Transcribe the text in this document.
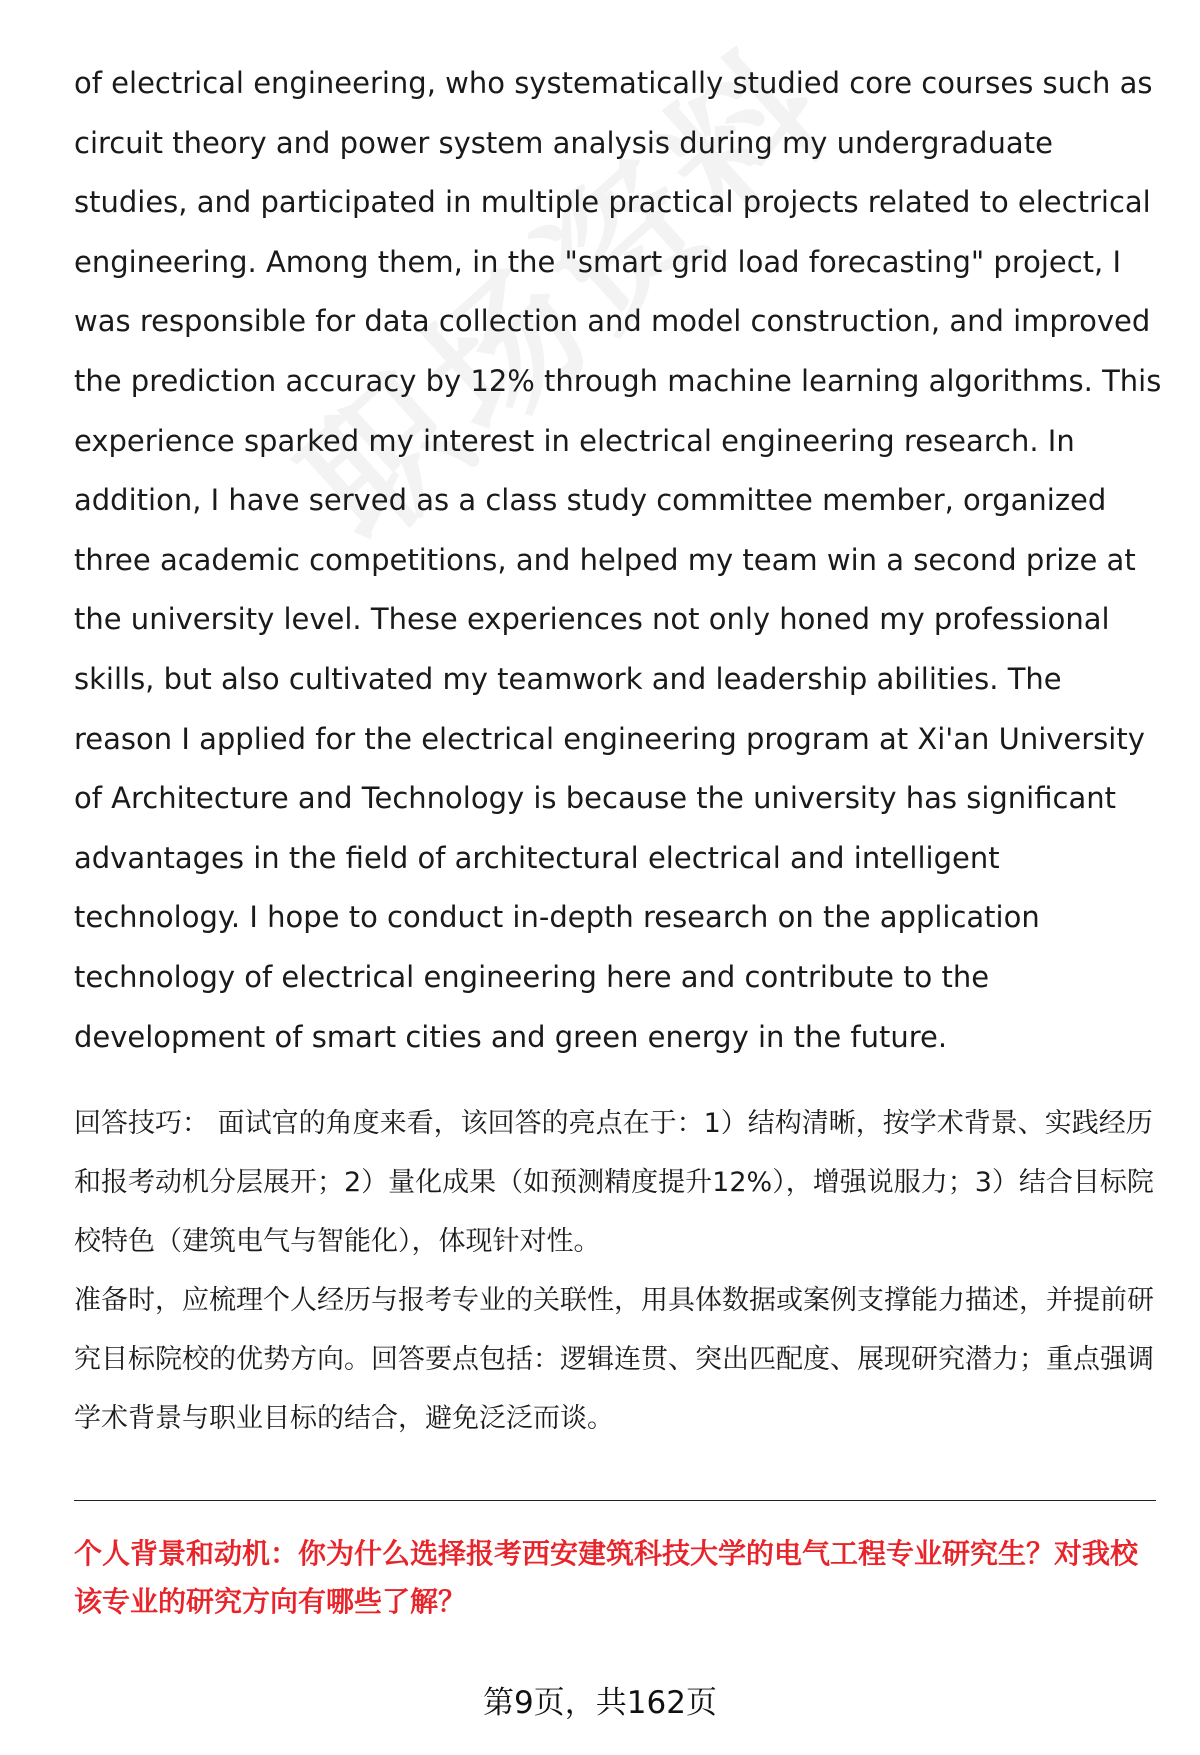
of electrical engineering, who systematically studied core courses such as circuit theory and power system analysis during my undergraduate studies, and participated in multiple practical projects related to electrical engineering. Among them, in the "smart grid load forecasting" project, I was responsible for data collection and model construction, and improved the prediction accuracy by 12% through machine learning algorithms. This experience sparked my interest in electrical engineering research. In addition, I have served as a class study committee member, organized three academic competitions, and helped my team win a second prize at the university level. These experiences not only honed my professional skills, but also cultivated my teamwork and leadership abilities. The reason I applied for the electrical engineering program at Xi'an University of Architecture and Technology is because the university has significant advantages in the field of architectural electrical and intelligent technology. I hope to conduct in-depth research on the application technology of electrical engineering here and contribute to the development of smart cities and green energy in the future.

回答技巧： 面试官的角度来看，该回答的亮点在于：1）结构清晰，按学术背景、实践经历和报考动机分层展开；2）量化成果（如预测精度提升12%），增强说服力；3）结合目标院校特色（建筑电气与智能化），体现针对性。

准备时，应梳理个人经历与报考专业的关联性，用具体数据或案例支撑能力描述，并提前研究目标院校的优势方向。回答要点包括：逻辑连贯、突出匹配度、展现研究潜力；重点强调学术背景与职业目标的结合，避免泛泛而谈。

个人背景和动机：你为什么选择报考西安建筑科技大学的电气工程专业研究生？对我校该专业的研究方向有哪些了解？

第9页，共162页
